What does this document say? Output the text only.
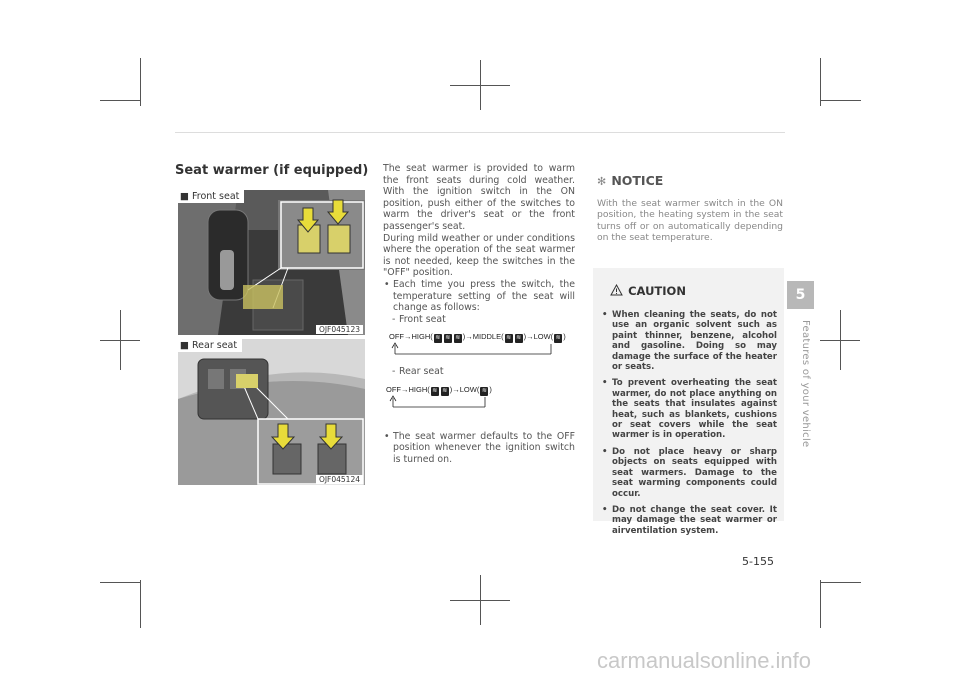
Seat warmer (if equipped)
■ Front seat
OJF045123
■ Rear seat
OJF045124

The seat warmer is provided to warm the front seats during cold weather. With the ignition switch in the ON position, push either of the switches to warm the driver's seat or the front passenger's seat.

During mild weather or under conditions where the operation of the seat warmer is not needed, keep the switches in the "OFF" position.

• Each time you press the switch, the temperature setting of the seat will change as follows:

- Front seat

OFF→HIGH( ≋ ≋ ≋ )→MIDDLE( ≋ ≋ )→LOW( ≋ )
- Rear seat
OFF→HIGH( ≋ ≋ )→LOW( ≋ )
• The seat warmer defaults to the OFF position whenever the ignition switch is turned on.
✻ NOTICE
With the seat warmer switch in the ON position, the heating system in the seat turns off or on automatically depending on the seat temperature.
CAUTION
• When cleaning the seats, do not use an organic solvent such as paint thinner, benzene, alcohol and gasoline. Doing so may damage the surface of the heater or seats.
• To prevent overheating the seat warmer, do not place anything on the seats that insulates against heat, such as blankets, cushions or seat covers while the seat warmer is in operation.
• Do not place heavy or sharp objects on seats equipped with seat warmers. Damage to the seat warming components could occur.
• Do not change the seat cover. It may damage the seat warmer or airventilation system.
5
Features of your vehicle
5-155
carmanualsonline.info
